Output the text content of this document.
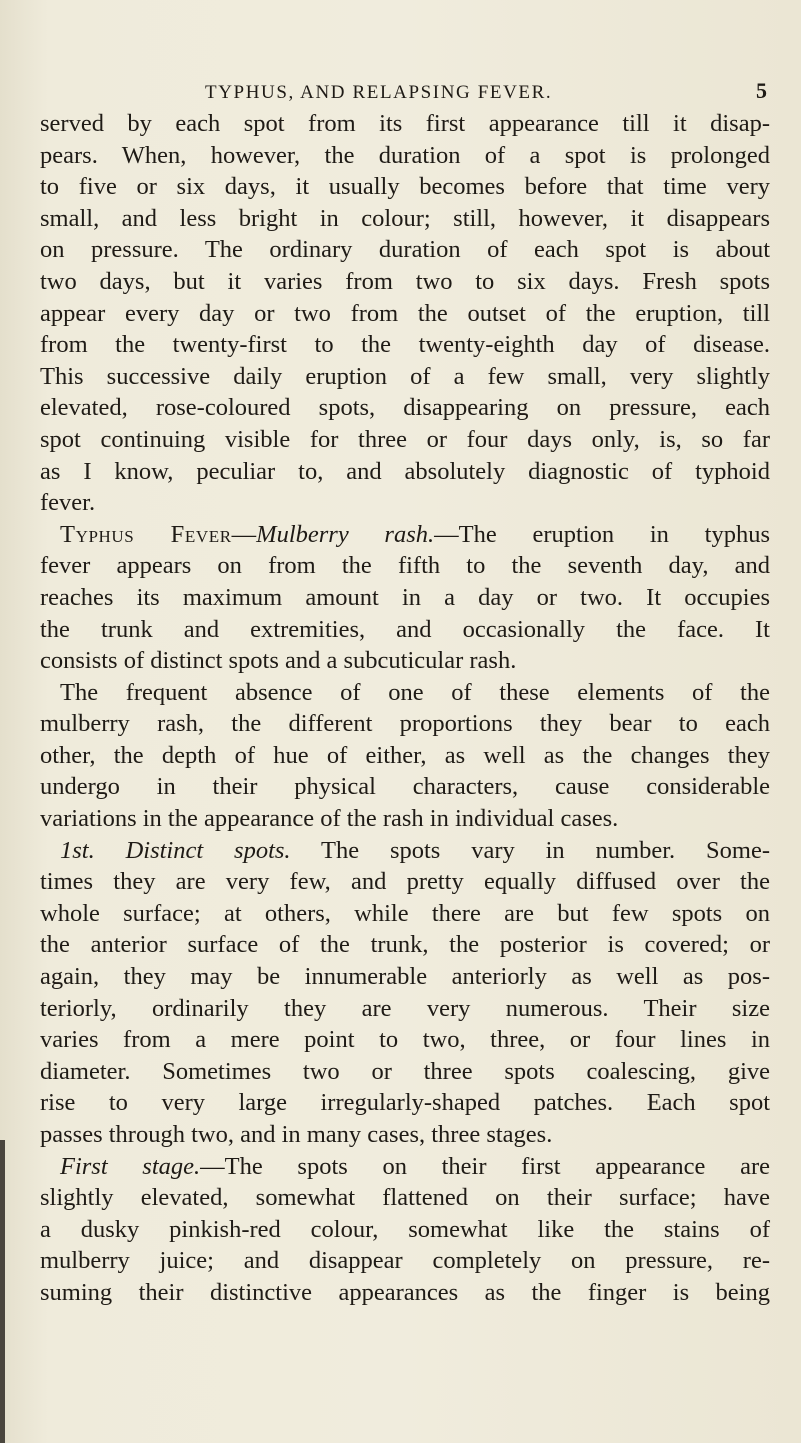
TYPHUS, AND RELAPSING FEVER.	5
served by each spot from its first appearance till it disap-
pears. When, however, the duration of a spot is prolonged
to five or six days, it usually becomes before that time very
small, and less bright in colour; still, however, it disappears
on pressure. The ordinary duration of each spot is about
two days, but it varies from two to six days. Fresh spots
appear every day or two from the outset of the eruption, till
from the twenty-first to the twenty-eighth day of disease.
This successive daily eruption of a few small, very slightly
elevated, rose-coloured spots, disappearing on pressure, each
spot continuing visible for three or four days only, is, so far
as I know, peculiar to, and absolutely diagnostic of typhoid
fever.
Typhus Fever—Mulberry rash.—The eruption in typhus
fever appears on from the fifth to the seventh day, and
reaches its maximum amount in a day or two. It occupies
the trunk and extremities, and occasionally the face. It
consists of distinct spots and a subcuticular rash.
The frequent absence of one of these elements of the
mulberry rash, the different proportions they bear to each
other, the depth of hue of either, as well as the changes they
undergo in their physical characters, cause considerable
variations in the appearance of the rash in individual cases.
1st. Distinct spots. The spots vary in number. Some-
times they are very few, and pretty equally diffused over the
whole surface; at others, while there are but few spots on
the anterior surface of the trunk, the posterior is covered; or
again, they may be innumerable anteriorly as well as pos-
teriorly, ordinarily they are very numerous. Their size
varies from a mere point to two, three, or four lines in
diameter. Sometimes two or three spots coalescing, give
rise to very large irregularly-shaped patches. Each spot
passes through two, and in many cases, three stages.
First stage.—The spots on their first appearance are
slightly elevated, somewhat flattened on their surface; have
a dusky pinkish-red colour, somewhat like the stains of
mulberry juice; and disappear completely on pressure, re-
suming their distinctive appearances as the finger is being
